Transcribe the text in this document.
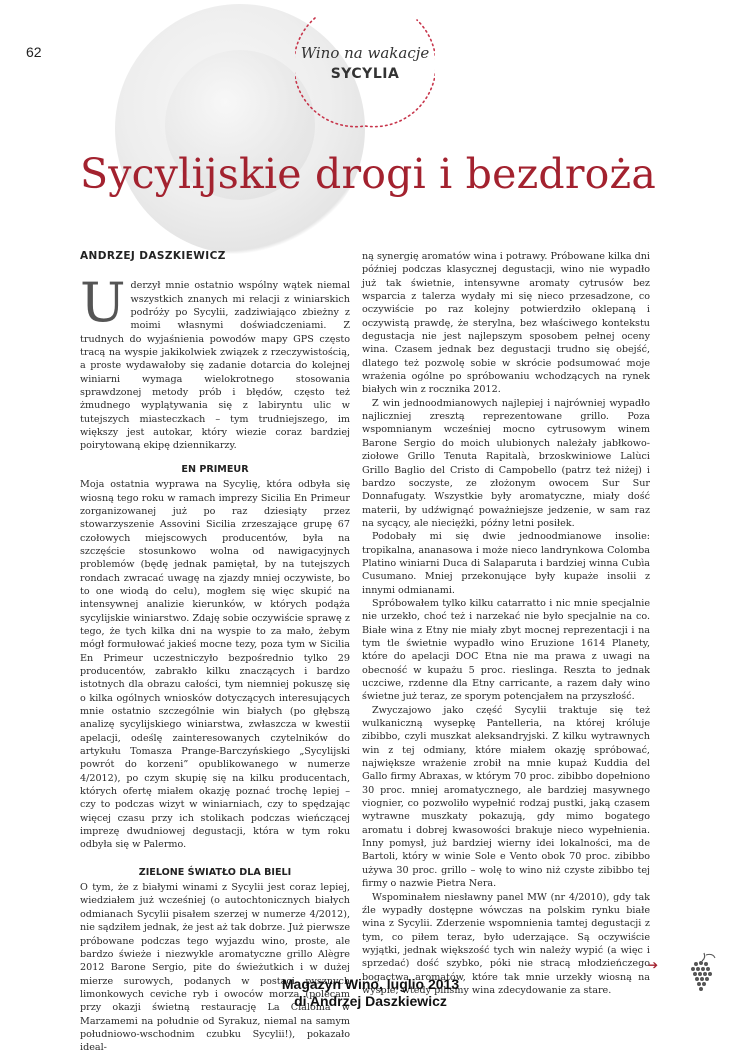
62	Wino na wakacje
SYCYLIA
Sycylijskie drogi i bezdroża
ANDRZEJ DASZKIEWICZ

Uderzył mnie ostatnio wspólny wątek niemal wszystkich znanych mi relacji z winiarskich podróży po Sycylii, zadziwiająco zbieżny z moimi własnymi doświadczeniami. Z trudnych do wyjaśnienia powodów mapy GPS często tracą na wyspie jakikolwiek związek z rzeczywistością, a proste wydawałoby się zadanie dotarcia do kolejnej winiarni wymaga wielokrotnego stosowania sprawdzonej metody prób i błędów, często też żmudnego wyplątywania się z labiryntu ulic w tutejszych miasteczkach – tym trudniejszego, im większy jest autokar, który wiezie coraz bardziej poirytowaną ekipę dziennikarzy.

EN PRIMEUR

Moja ostatnia wyprawa na Sycylię, która odbyła się wiosną tego roku w ramach imprezy Sicilia En Primeur zorganizowanej już po raz dziesiąty przez stowarzyszenie Assovini Sicilia zrzeszające grupę 67 czołowych miejscowych producentów, była na szczęście stosunkowo wolna od nawigacyjnych problemów (będę jednak pamiętał, by na tutejszych rondach zwracać uwagę na zjazdy mniej oczywiste, bo to one wiodą do celu), mogłem się więc skupić na intensywnej analizie kierunków, w których podąża sycylijskie winiarstwo. Zdaję sobie oczywiście sprawę z tego, że tych kilka dni na wyspie to za mało, żebym mógł formułować jakieś mocne tezy, poza tym w Sicilia En Primeur uczestniczyło bezpośrednio tylko 29 producentów, zabrakło kilku znaczących i bardzo istotnych dla obrazu całości, tym niemniej pokuszę się o kilka ogólnych wniosków dotyczących interesujących mnie ostatnio szczególnie win białych (po głębszą analizę sycylijskiego winiarstwa, zwłaszcza w kwestii apelacji, odeślę zainteresowanych czytelników do artykułu Tomasza Prange-Barczyńskiego „Sycylijski powrót do korzeni” opublikowanego w numerze 4/2012), po czym skupię się na kilku producentach, których ofertę miałem okazję poznać trochę lepiej – czy to podczas wizyt w winiarniach, czy to spędzając więcej czasu przy ich stolikach podczas wieńczącej imprezę dwudniowej degustacji, która w tym roku odbyła się w Palermo.

ZIELONE ŚWIATŁO DLA BIELI

O tym, że z białymi winami z Sycylii jest coraz lepiej, wiedziałem już wcześniej (o autochtonicznych białych odmianach Sycylii pisałem szerzej w numerze 4/2012), nie sądziłem jednak, że jest aż tak dobrze. Już pierwsze próbowane podczas tego wyjazdu wino, proste, ale bardzo świeże i niezwykle aromatyczne grillo Alègre 2012 Barone Sergio, pite do świeżutkich i w dużej mierze surowych, podanych w postaci pysznych limonkowych ceviche ryb i owoców morza (polecam przy okazji świetną restaurację La Cialoma w Marzamemi na południe od Syrakuz, niemal na samym południowo-wschodnim czubku Sycylii!), pokazało ideal-

ną synergię aromatów wina i potrawy. Próbowane kilka dni później podczas klasycznej degustacji, wino nie wypadło już tak świetnie, intensywne aromaty cytrusów bez wsparcia z talerza wydały mi się nieco przesadzone, co oczywiście po raz kolejny potwierdziło oklepaną i oczywistą prawdę, że sterylna, bez właściwego kontekstu degustacja nie jest najlepszym sposobem pełnej oceny wina. Czasem jednak bez degustacji trudno się obejść, dlatego też pozwolę sobie w skrócie podsumować moje wrażenia ogólne po spróbowaniu wchodzących na rynek białych win z rocznika 2012.

Z win jednoodmianowych najlepiej i najrówniej wypadło najliczniej zresztą reprezentowane grillo. Poza wspomnianym wcześniej mocno cytrusowym winem Barone Sergio do moich ulubionych należały jabłkowo-ziołowe Grillo Tenuta Rapitalà, brzoskwiniowe Lalùci Grillo Baglio del Cristo di Campobello (patrz też niżej) i bardzo soczyste, ze złożonym owocem Sur Sur Donnafugaty. Wszystkie były aromatyczne, miały dość materii, by udźwignąć poważniejsze jedzenie, w sam raz na sycący, ale nieciężki, późny letni posiłek.

Podobały mi się dwie jednoodmianowe insolie: tropikalna, ananasowa i może nieco landrynkowa Colomba Platino winiarni Duca di Salaparuta i bardziej winna Cubìa Cusumano. Mniej przekonujące były kupaże insolii z innymi odmianami.

Spróbowałem tylko kilku catarratto i nic mnie specjalnie nie urzekło, choć też i narzekać nie było specjalnie na co. Białe wina z Etny nie miały zbyt mocnej reprezentacji i na tym tle świetnie wypadło wino Eruzione 1614 Planety, które do apelacji DOC Etna nie ma prawa z uwagi na obecność w kupażu 5 proc. rieslinga. Reszta to jednak uczciwe, rzdenne dla Etny carricante, a razem dały wino świetne już teraz, ze sporym potencjałem na przyszłość.

Zwyczajowo jako część Sycylii traktuje się też wulkaniczną wysepkę Pantelleria, na której króluje zibibbo, czyli muszkat aleksandryjski. Z kilku wytrawnych win z tej odmiany, które miałem okazję spróbować, największe wrażenie zrobił na mnie kupaż Kuddia del Gallo firmy Abraxas, w którym 70 proc. zibibbo dopełniono 30 proc. mniej aromatycznego, ale bardziej masywnego viognier, co pozwoliło wypełnić rodzaj pustki, jaką czasem wytrawne muszkaty pokazują, gdy mimo bogatego aromatu i dobrej kwasowości brakuje nieco wypełnienia. Inny pomysł, już bardziej wierny idei lokalności, ma de Bartoli, który w winie Sole e Vento obok 70 proc. zibibbo używa 30 proc. grillo – wolę to wino niż czyste zibibbo tej firmy o nazwie Pietra Nera.

Wspominałem niesławny panel MW (nr 4/2010), gdy tak źle wypadły dostępne wówczas na polskim rynku białe wina z Sycylii. Zderzenie wspomnienia tamtej degustacji z tym, co piłem teraz, było uderzające. Są oczywiście wyjątki, jednak większość tych win należy wypić (a więc i sprzedać) dość szybko, póki nie stracą młodzieńczego bogactwa aromatów, które tak mnie urzekły wiosną na wyspie; wtedy piliśmy wina zdecydowanie za stare.

➔
Magazyn Wino, luglio 2013
di Andrzej Daszkiewicz
